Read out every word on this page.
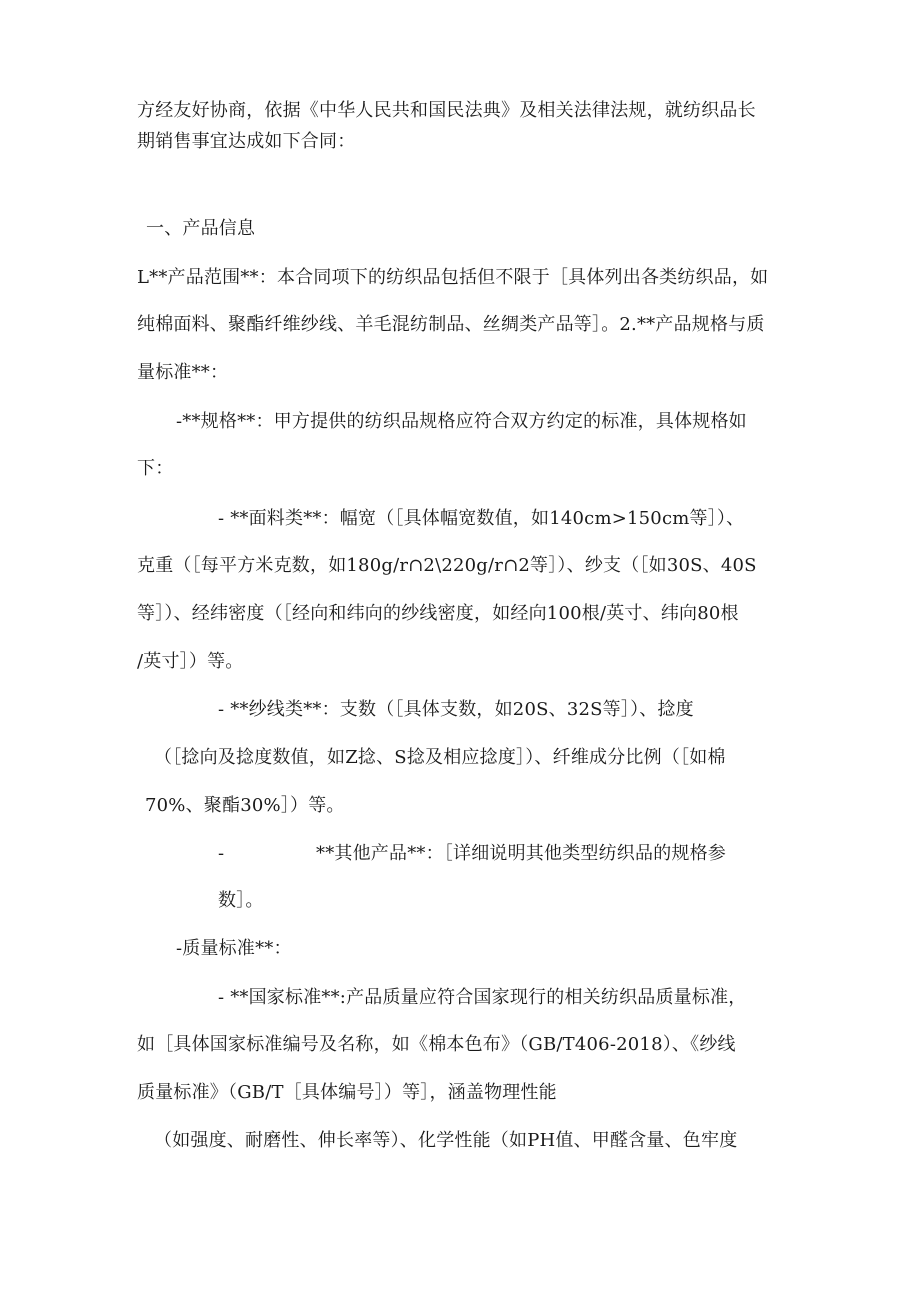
方经友好协商，依据《中华人民共和国民法典》及相关法律法规，就纺织品长
期销售事宜达成如下合同：
一、产品信息
L**产品范围**：本合同项下的纺织品包括但不限于［具体列出各类纺织品，如
纯棉面料、聚酯纤维纱线、羊毛混纺制品、丝绸类产品等］。2.**产品规格与质
量标准**：
-**规格**：甲方提供的纺织品规格应符合双方约定的标准，具体规格如
下：
- **面料类**：幅宽（［具体幅宽数值，如140cm>150cm等］）、
克重（［每平方米克数，如180g∕r∩2\220g∕r∩2等］）、纱支（［如30S、40S
等］）、经纬密度（［经向和纬向的纱线密度，如经向100根/英寸、纬向80根
/英寸］）等。
- **纱线类**：支数（［具体支数，如20S、32S等］）、捻度
（［捻向及捻度数值，如Z捻、S捻及相应捻度］）、纤维成分比例（［如棉
70%、聚酯30%］）等。
-	**其他产品**：［详细说明其他类型纺织品的规格参
数］。
-质量标准**：
- **国家标准**:产品质量应符合国家现行的相关纺织品质量标准，
如［具体国家标准编号及名称，如《棉本色布》（GB/T406-2018）、《纱线
质量标准》（GB∕T［具体编号］）等］，涵盖物理性能
（如强度、耐磨性、伸长率等）、化学性能（如PH值、甲醛含量、色牢度
